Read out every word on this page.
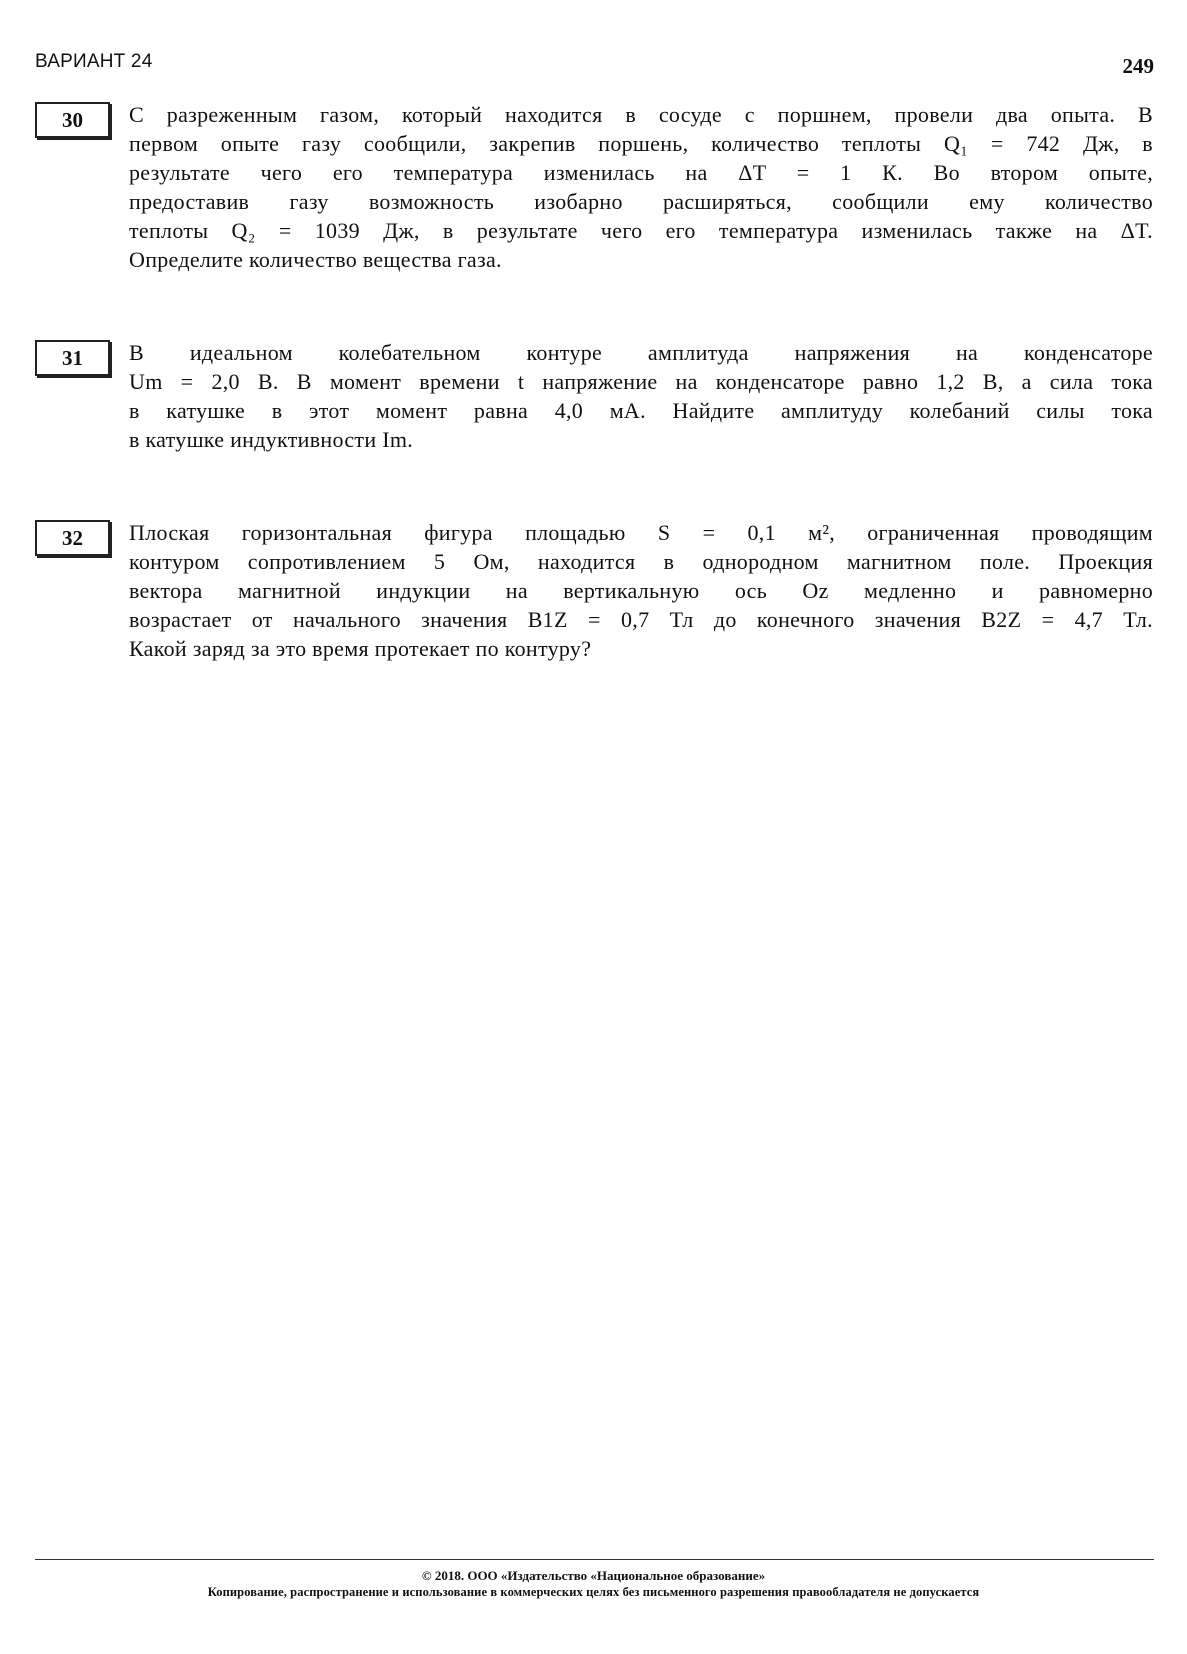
ВАРИАНТ 24	249
30	С разреженным газом, который находится в сосуде с поршнем, провели два опыта. В
первом опыте газу сообщили, закрепив поршень, количество теплоты Q₁ = 742 Дж, в
результате чего его температура изменилась на ΔT = 1 К. Во втором опыте,
предоставив газу возможность изобарно расширяться, сообщили ему количество
теплоты Q₂ = 1039 Дж, в результате чего его температура изменилась также на ΔT.
Определите количество вещества газа.
31	В идеальном колебательном контуре амплитуда напряжения на конденсаторе
Um = 2,0 В. В момент времени t напряжение на конденсаторе равно 1,2 В, а сила тока
в катушке в этот момент равна 4,0 мА. Найдите амплитуду колебаний силы тока
в катушке индуктивности Im.
32	Плоская горизонтальная фигура площадью S = 0,1 м², ограниченная проводящим
контуром сопротивлением 5 Ом, находится в однородном магнитном поле. Проекция
вектора магнитной индукции на вертикальную ось Oz медленно и равномерно
возрастает от начального значения B1Z = 0,7 Тл до конечного значения B2Z = 4,7 Тл.
Какой заряд за это время протекает по контуру?
© 2018. ООО «Издательство «Национальное образование»
Копирование, распространение и использование в коммерческих целях без письменного разрешения правообладателя не допускается
